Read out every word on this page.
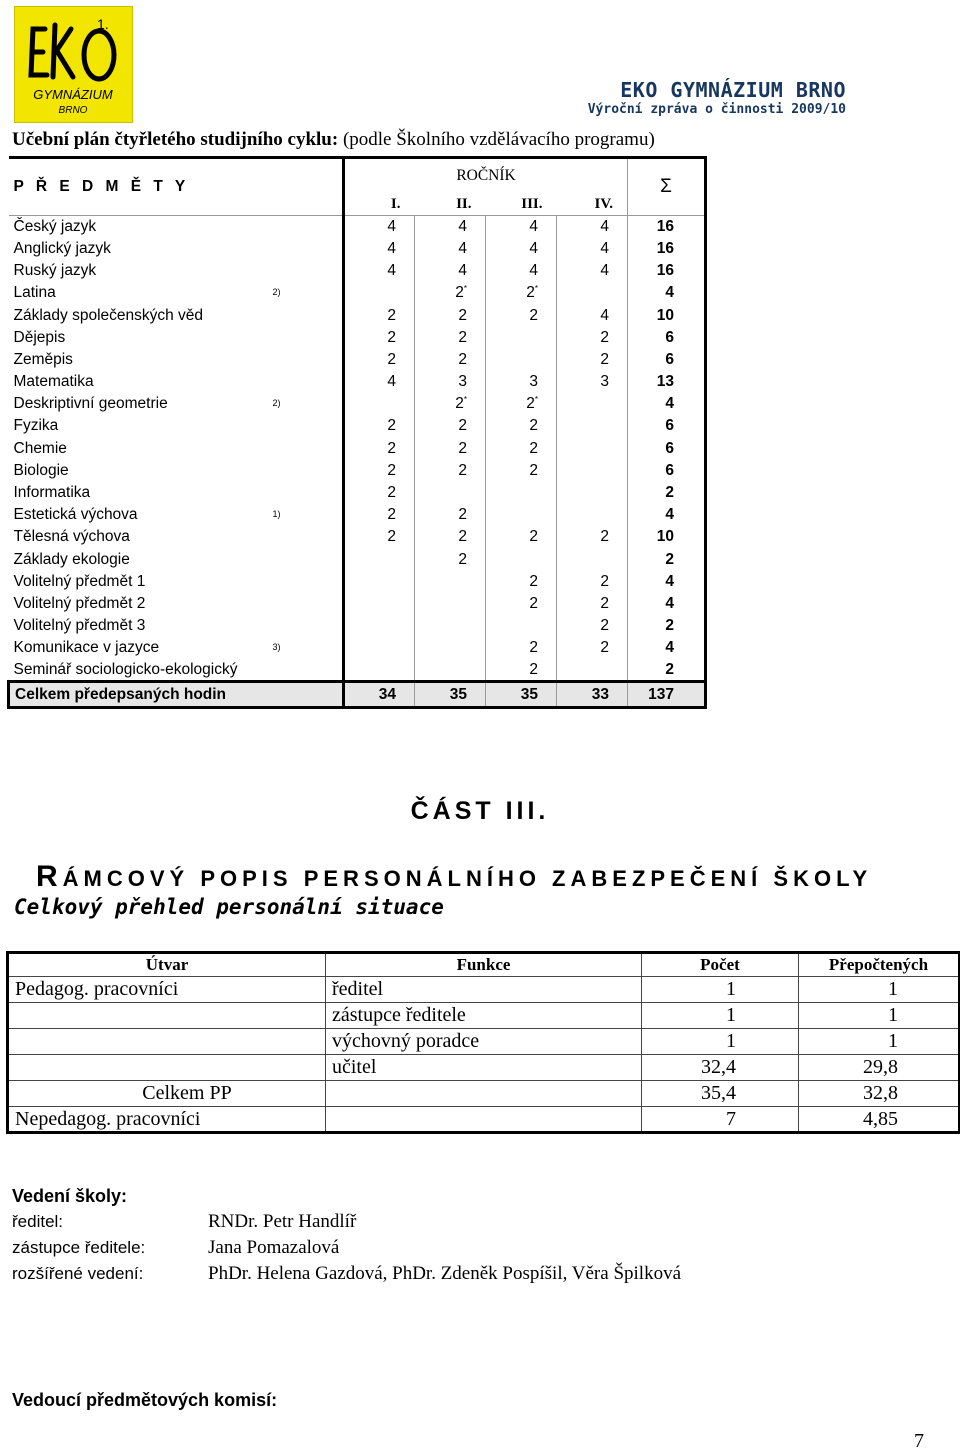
1.
GYMNÁZIUM
BRNO
EKO GYMNÁZIUM BRNO
Výroční zpráva o činnosti 2009/10
Učební plán čtyřletého studijního cyklu: (podle Školního vzdělávacího programu)
P Ř E D M Ě T Y	ROČNÍK				Σ
	I.	II.	III.	IV.	
Český jazyk	4	4	4	4	16
Anglický jazyk	4	4	4	4	16
Ruský jazyk	4	4	4	4	16
Latina 2)		2*	2*		4
Základy společenských věd	2	2	2	4	10
Dějepis	2	2		2	6
Zeměpis	2	2		2	6
Matematika	4	3	3	3	13
Deskriptivní geometrie 2)		2*	2*		4
Fyzika	2	2	2		6
Chemie	2	2	2		6
Biologie	2	2	2		6
Informatika	2				2
Estetická výchova 1)	2	2			4
Tělesná výchova	2	2	2	2	10
Základy ekologie		2			2
Volitelný předmět 1			2	2	4
Volitelný předmět 2			2	2	4
Volitelný předmět 3				2	2
Komunikace v jazyce 3)			2	2	4
Seminář sociologicko-ekologický			2		2
Celkem předepsaných hodin	34	35	35	33	137
ČÁST III.
RÁMCOVÝ POPIS PERSONÁLNÍHO ZABEZPEČENÍ ŠKOLY
Celkový přehled personální situace
Útvar	Funkce	Počet	Přepočtených
Pedagog. pracovníci	ředitel	1	1
	zástupce ředitele	1	1
	výchovný poradce	1	1
	učitel	32,4	29,8
Celkem PP		35,4	32,8
Nepedagog. pracovníci		7	4,85
Vedení školy:
ředitel:	RNDr. Petr Handlíř
zástupce ředitele:	Jana Pomazalová
rozšířené vedení:	PhDr. Helena Gazdová, PhDr. Zdeněk Pospíšil, Věra Špilková
Vedoucí předmětových komisí:
7
